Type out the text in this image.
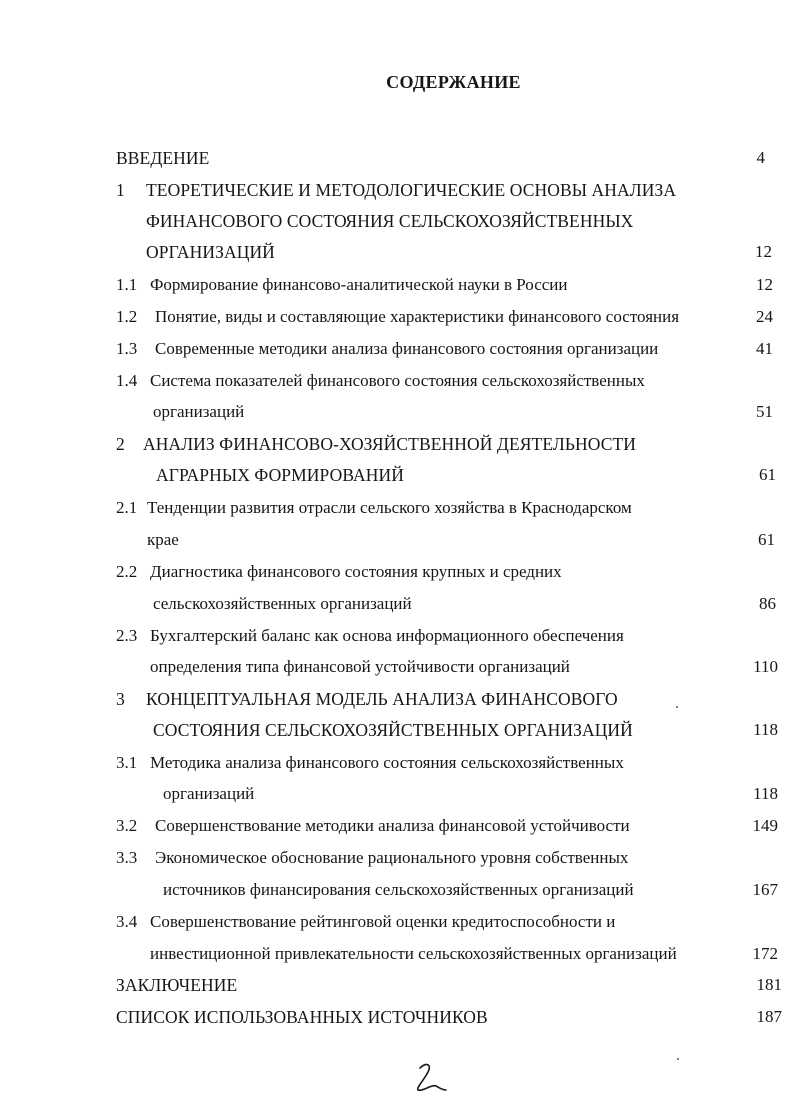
СОДЕРЖАНИЕ
ВВЕДЕНИЕ	4
1 ТЕОРЕТИЧЕСКИЕ И МЕТОДОЛОГИЧЕСКИЕ ОСНОВЫ АНАЛИЗА
ФИНАНСОВОГО СОСТОЯНИЯ СЕЛЬСКОХОЗЯЙСТВЕННЫХ
ОРГАНИЗАЦИЙ	12
1.1 Формирование финансово-аналитической науки в России	12
1.2 Понятие, виды и составляющие характеристики финансового состояния	24
1.3 Современные методики анализа финансового состояния организации	41
1.4 Система показателей финансового состояния сельскохозяйственных
организаций	51
2 АНАЛИЗ ФИНАНСОВО-ХОЗЯЙСТВЕННОЙ ДЕЯТЕЛЬНОСТИ
АГРАРНЫХ ФОРМИРОВАНИЙ	61
2.1 Тенденции развития отрасли сельского хозяйства в Краснодарском
крае	61
2.2 Диагностика финансового состояния крупных и средних
сельскохозяйственных организаций	86
2.3 Бухгалтерский баланс как основа информационного обеспечения
определения типа финансовой устойчивости организаций	110
3 КОНЦЕПТУАЛЬНАЯ МОДЕЛЬ АНАЛИЗА ФИНАНСОВОГО
СОСТОЯНИЯ СЕЛЬСКОХОЗЯЙСТВЕННЫХ ОРГАНИЗАЦИЙ	118
3.1 Методика анализа финансового состояния сельскохозяйственных
организаций	118
3.2 Совершенствование методики анализа финансовой устойчивости	149
3.3 Экономическое обоснование рационального уровня собственных
источников финансирования сельскохозяйственных организаций	167
3.4 Совершенствование рейтинговой оценки кредитоспособности и
инвестиционной привлекательности сельскохозяйственных организаций	172
ЗАКЛЮЧЕНИЕ	181
СПИСОК ИСПОЛЬЗОВАННЫХ ИСТОЧНИКОВ	187
